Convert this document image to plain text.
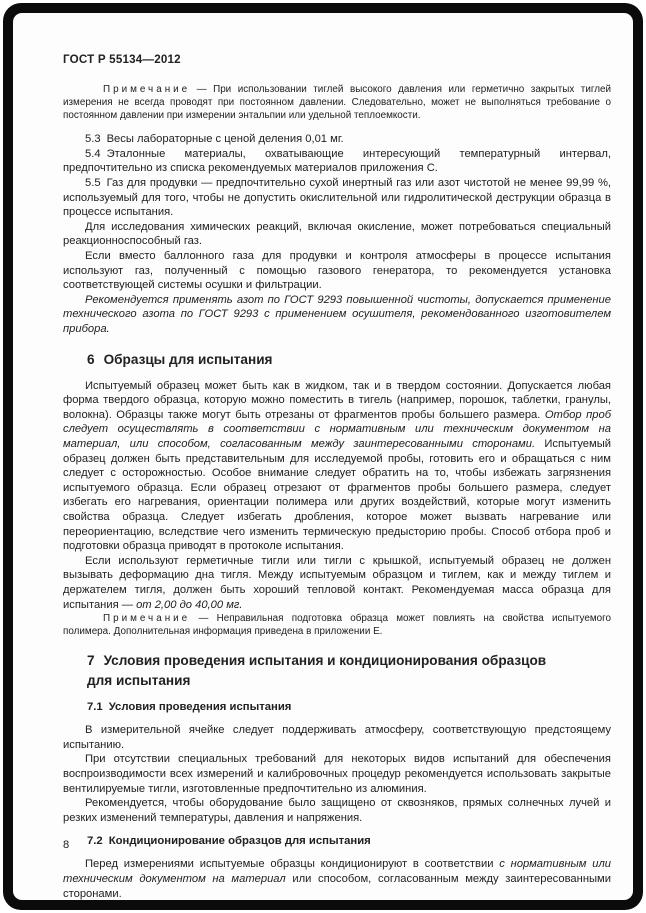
ГОСТ Р 55134—2012

Примечание — При использовании тиглей высокого давления или герметично закрытых тиглей измерения не всегда проводят при постоянном давлении. Следовательно, может не выполняться требование о постоянном давлении при измерении энтальпии или удельной теплоемкости.

5.3 Весы лабораторные с ценой деления 0,01 мг.

5.4 Эталонные материалы, охватывающие интересующий температурный интервал, предпочтительно из списка рекомендуемых материалов приложения С.

5.5 Газ для продувки — предпочтительно сухой инертный газ или азот чистотой не менее 99,99 %, используемый для того, чтобы не допустить окислительной или гидролитической деструкции образца в процессе испытания.

Для исследования химических реакций, включая окисление, может потребоваться специальный реакционноспособный газ.

Если вместо баллонного газа для продувки и контроля атмосферы в процессе испытания используют газ, полученный с помощью газового генератора, то рекомендуется установка соответствующей системы осушки и фильтрации.

Рекомендуется применять азот по ГОСТ 9293 повышенной чистоты, допускается применение технического азота по ГОСТ 9293 с применением осушителя, рекомендованного изготовителем прибора.

6 Образцы для испытания

Испытуемый образец может быть как в жидком, так и в твердом состоянии. Допускается любая форма твердого образца, которую можно поместить в тигель (например, порошок, таблетки, гранулы, волокна). Образцы также могут быть отрезаны от фрагментов пробы большего размера. Отбор проб следует осуществлять в соответствии с нормативным или техническим документом на материал, или способом, согласованным между заинтересованными сторонами. Испытуемый образец должен быть представительным для исследуемой пробы, готовить его и обращаться с ним следует с осторожностью. Особое внимание следует обратить на то, чтобы избежать загрязнения испытуемого образца. Если образец отрезают от фрагментов пробы большего размера, следует избегать его нагревания, ориентации полимера или других воздействий, которые могут изменить свойства образца. Следует избегать дробления, которое может вызвать нагревание или переориентацию, вследствие чего изменить термическую предысторию пробы. Способ отбора проб и подготовки образца приводят в протоколе испытания.

Если используют герметичные тигли или тигли с крышкой, испытуемый образец не должен вызывать деформацию дна тигля. Между испытуемым образцом и тиглем, как и между тиглем и держателем тигля, должен быть хороший тепловой контакт. Рекомендуемая масса образца для испытания — от 2,00 до 40,00 мг.

Примечание — Неправильная подготовка образца может повлиять на свойства испытуемого полимера. Дополнительная информация приведена в приложении Е.

7 Условия проведения испытания и кондиционирования образцов
для испытания
7.1 Условия проведения испытания

В измерительной ячейке следует поддерживать атмосферу, соответствующую предстоящему испытанию.

При отсутствии специальных требований для некоторых видов испытаний для обеспечения воспроизводимости всех измерений и калибровочных процедур рекомендуется использовать закрытые вентилируемые тигли, изготовленные предпочтительно из алюминия.

Рекомендуется, чтобы оборудование было защищено от сквозняков, прямых солнечных лучей и резких изменений температуры, давления и напряжения.

7.2 Кондиционирование образцов для испытания

Перед измерениями испытуемые образцы кондиционируют в соответствии с нормативным или техническим документом на материал или способом, согласованным между заинтересованными сторонами.

8
